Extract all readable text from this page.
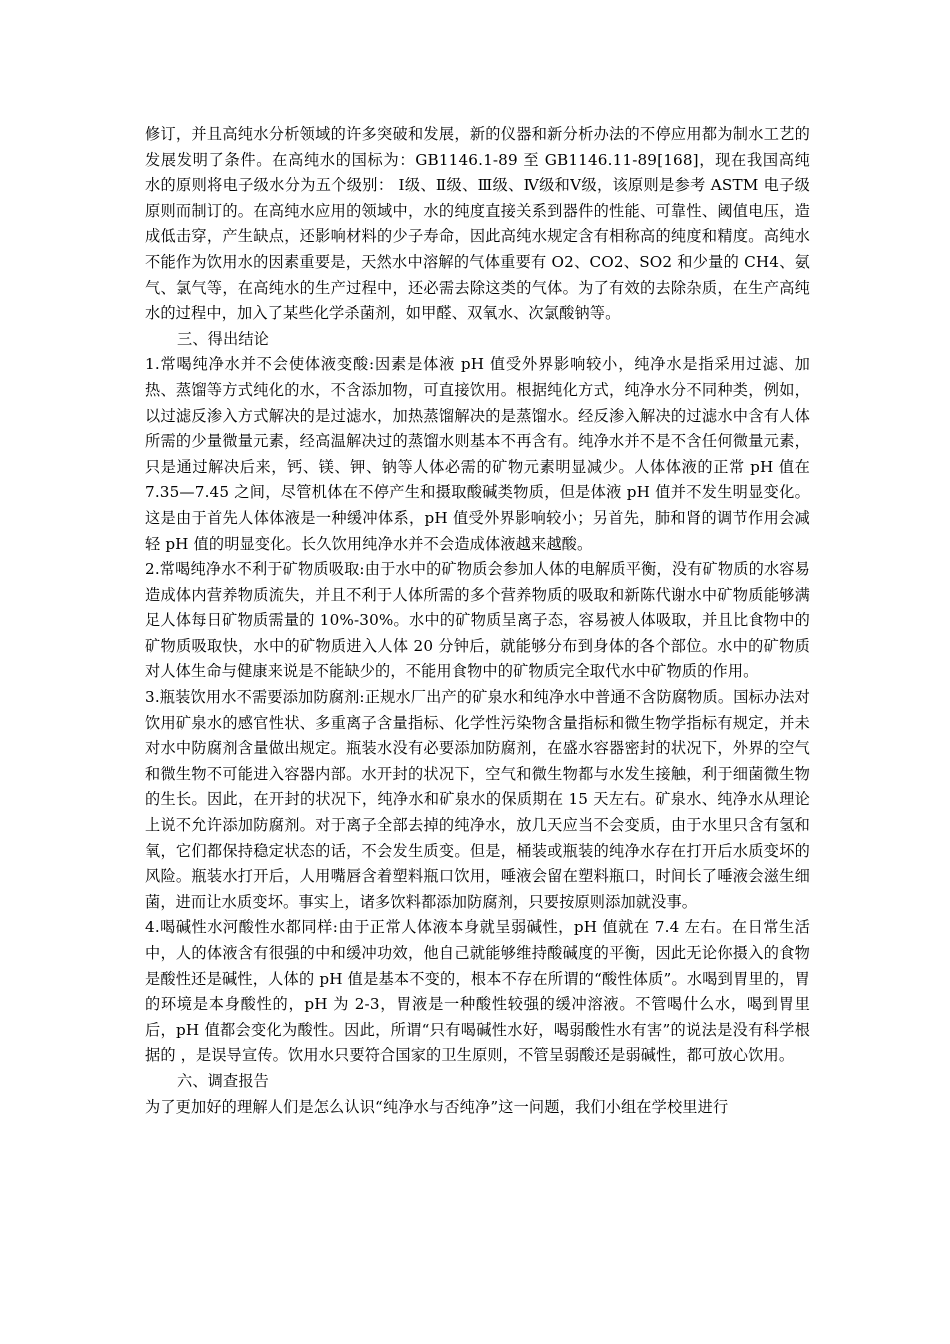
修订，并且高纯水分析领域的许多突破和发展，新的仪器和新分析办法的不停应用都为制水工艺的发展发明了条件。在高纯水的国标为：GB1146.1-89 至 GB1146.11-89[168]，现在我国高纯水的原则将电子级水分为五个级别： Ⅰ级、Ⅱ级、Ⅲ级、Ⅳ级和Ⅴ级，该原则是参考 ASTM 电子级原则而制订的。在高纯水应用的领域中，水的纯度直接关系到器件的性能、可靠性、阈值电压，造成低击穿，产生缺点，还影响材料的少子寿命，因此高纯水规定含有相称高的纯度和精度。高纯水不能作为饮用水的因素重要是，天然水中溶解的气体重要有 O2、CO2、SO2 和少量的 CH4、氨气、氯气等，在高纯水的生产过程中，还必需去除这类的气体。为了有效的去除杂质，在生产高纯水的过程中，加入了某些化学杀菌剂，如甲醛、双氧水、次氯酸钠等。

三、得出结论

1.常喝纯净水并不会使体液变酸:因素是体液 pH 值受外界影响较小，纯净水是指采用过滤、加热、蒸馏等方式纯化的水，不含添加物，可直接饮用。根据纯化方式，纯净水分不同种类，例如，以过滤反渗入方式解决的是过滤水，加热蒸馏解决的是蒸馏水。经反渗入解决的过滤水中含有人体所需的少量微量元素，经高温解决过的蒸馏水则基本不再含有。纯净水并不是不含任何微量元素，只是通过解决后来，钙、镁、钾、钠等人体必需的矿物元素明显减少。人体体液的正常 pH 值在 7.35—7.45 之间，尽管机体在不停产生和摄取酸碱类物质，但是体液 pH 值并不发生明显变化。这是由于首先人体体液是一种缓冲体系，pH 值受外界影响较小；另首先，肺和肾的调节作用会减轻 pH 值的明显变化。长久饮用纯净水并不会造成体液越来越酸。

2.常喝纯净水不利于矿物质吸取:由于水中的矿物质会参加人体的电解质平衡，没有矿物质的水容易造成体内营养物质流失，并且不利于人体所需的多个营养物质的吸取和新陈代谢水中矿物质能够满足人体每日矿物质需量的 10%-30%。水中的矿物质呈离子态，容易被人体吸取，并且比食物中的矿物质吸取快，水中的矿物质进入人体 20 分钟后，就能够分布到身体的各个部位。水中的矿物质对人体生命与健康来说是不能缺少的，不能用食物中的矿物质完全取代水中矿物质的作用。

3.瓶装饮用水不需要添加防腐剂:正规水厂出产的矿泉水和纯净水中普通不含防腐物质。国标办法对饮用矿泉水的感官性状、多重离子含量指标、化学性污染物含量指标和微生物学指标有规定，并未对水中防腐剂含量做出规定。瓶装水没有必要添加防腐剂，在盛水容器密封的状况下，外界的空气和微生物不可能进入容器内部。水开封的状况下，空气和微生物都与水发生接触，利于细菌微生物的生长。因此，在开封的状况下，纯净水和矿泉水的保质期在 15 天左右。矿泉水、纯净水从理论上说不允许添加防腐剂。对于离子全部去掉的纯净水，放几天应当不会变质，由于水里只含有氢和氧，它们都保持稳定状态的话，不会发生质变。但是，桶装或瓶装的纯净水存在打开后水质变坏的风险。瓶装水打开后，人用嘴唇含着塑料瓶口饮用，唾液会留在塑料瓶口，时间长了唾液会滋生细菌，进而让水质变坏。事实上，诸多饮料都添加防腐剂，只要按原则添加就没事。

4.喝碱性水河酸性水都同样:由于正常人体液本身就呈弱碱性，pH 值就在 7.4 左右。在日常生活中，人的体液含有很强的中和缓冲功效，他自己就能够维持酸碱度的平衡，因此无论你摄入的食物是酸性还是碱性，人体的 pH 值是基本不变的，根本不存在所谓的“酸性体质”。水喝到胃里的，胃的环境是本身酸性的，pH 为 2-3，胃液是一种酸性较强的缓冲溶液。不管喝什么水，喝到胃里后，pH 值都会变化为酸性。因此，所谓“只有喝碱性水好，喝弱酸性水有害”的说法是没有科学根据的 ，是误导宣传。饮用水只要符合国家的卫生原则，不管呈弱酸还是弱碱性，都可放心饮用。

六、调查报告

为了更加好的理解人们是怎么认识“纯净水与否纯净”这一问题，我们小组在学校里进行
